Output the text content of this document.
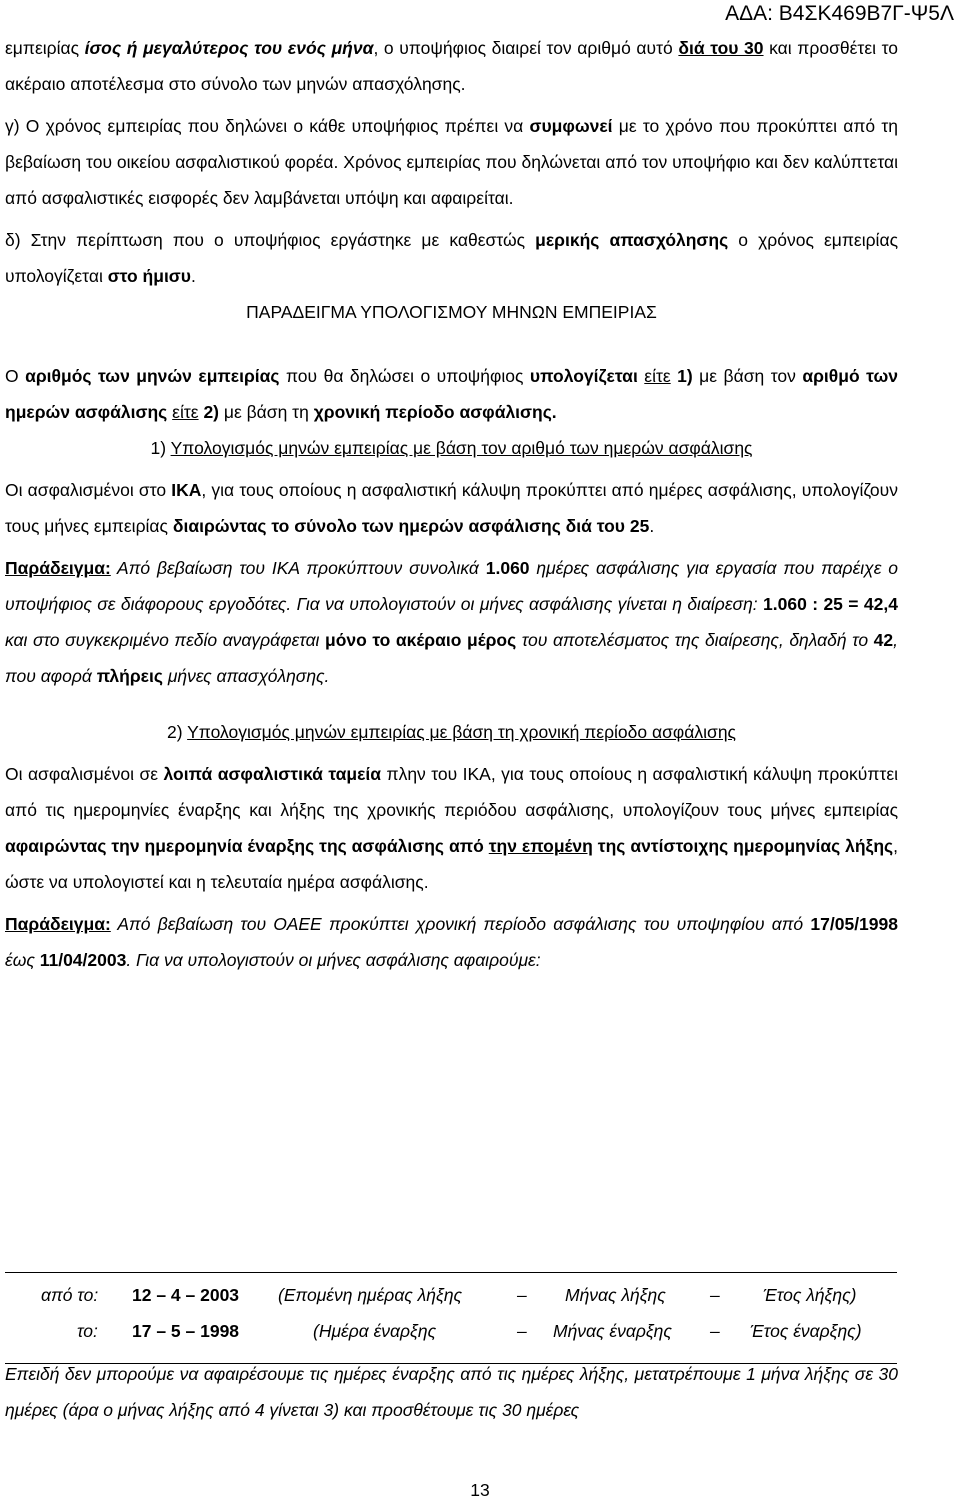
ΑΔΑ: Β4ΣΚ469Β7Γ-Ψ5Λ

εμπειρίας ίσος ή μεγαλύτερος του ενός μήνα, ο υποψήφιος διαιρεί τον αριθμό αυτό διά του 30 και προσθέτει το ακέραιο αποτέλεσμα στο σύνολο των μηνών απασχόλησης.

γ) Ο χρόνος εμπειρίας που δηλώνει ο κάθε υποψήφιος πρέπει να συμφωνεί με το χρόνο που προκύπτει από τη βεβαίωση του οικείου ασφαλιστικού φορέα. Χρόνος εμπειρίας που δηλώνεται από τον υποψήφιο και δεν καλύπτεται από ασφαλιστικές εισφορές δεν λαμβάνεται υπόψη και αφαιρείται.

δ) Στην περίπτωση που ο υποψήφιος εργάστηκε με καθεστώς μερικής απασχόλησης ο χρόνος εμπειρίας υπολογίζεται στο ήμισυ.

ΠΑΡΑΔΕΙΓΜΑ ΥΠΟΛΟΓΙΣΜΟΥ ΜΗΝΩΝ ΕΜΠΕΙΡΙΑΣ

Ο αριθμός των μηνών εμπειρίας που θα δηλώσει ο υποψήφιος υπολογίζεται είτε 1) με βάση τον αριθμό των ημερών ασφάλισης είτε 2) με βάση τη χρονική περίοδο ασφάλισης.

1) Υπολογισμός μηνών εμπειρίας με βάση τον αριθμό των ημερών ασφάλισης

Οι ασφαλισμένοι στο ΙΚΑ, για τους οποίους η ασφαλιστική κάλυψη προκύπτει από ημέρες ασφάλισης, υπολογίζουν τους μήνες εμπειρίας διαιρώντας το σύνολο των ημερών ασφάλισης διά του 25.

Παράδειγμα: Από βεβαίωση του ΙΚΑ προκύπτουν συνολικά 1.060 ημέρες ασφάλισης για εργασία που παρέιχε ο υποψήφιος σε διάφορους εργοδότες. Για να υπολογιστούν οι μήνες ασφάλισης γίνεται η διαίρεση: 1.060 : 25 = 42,4 και στο συγκεκριμένο πεδίο αναγράφεται μόνο το ακέραιο μέρος του αποτελέσματος της διαίρεσης, δηλαδή το 42, που αφορά πλήρεις μήνες απασχόλησης.

2) Υπολογισμός μηνών εμπειρίας με βάση τη χρονική περίοδο ασφάλισης

Οι ασφαλισμένοι σε λοιπά ασφαλιστικά ταμεία πλην του ΙΚΑ, για τους οποίους η ασφαλιστική κάλυψη προκύπτει από τις ημερομηνίες έναρξης και λήξης της χρονικής περιόδου ασφάλισης, υπολογίζουν τους μήνες εμπειρίας αφαιρώντας την ημερομηνία έναρξης της ασφάλισης από την επομένη της αντίστοιχης ημερομηνίας λήξης, ώστε να υπολογιστεί και η τελευταία ημέρα ασφάλισης.

Παράδειγμα: Από βεβαίωση του ΟΑΕΕ προκύπτει χρονική περίοδο ασφάλισης του υποψηφίου από 17/05/1998 έως 11/04/2003. Για να υπολογιστούν οι μήνες ασφάλισης αφαιρούμε:

από το: 12 – 4 – 2003 (Επομένη ημέρας λήξης	– Μήνας λήξης	– Έτος λήξης)
το: 17 – 5 – 1998	(Ημέρα έναρξης	– Μήνας έναρξης – Έτος έναρξης)

Επειδή δεν μπορούμε να αφαιρέσουμε τις ημέρες έναρξης από τις ημέρες λήξης, μετατρέπουμε 1 μήνα λήξης σε 30 ημέρες (άρα ο μήνας λήξης από 4 γίνεται 3) και προσθέτουμε τις 30 ημέρες

13
